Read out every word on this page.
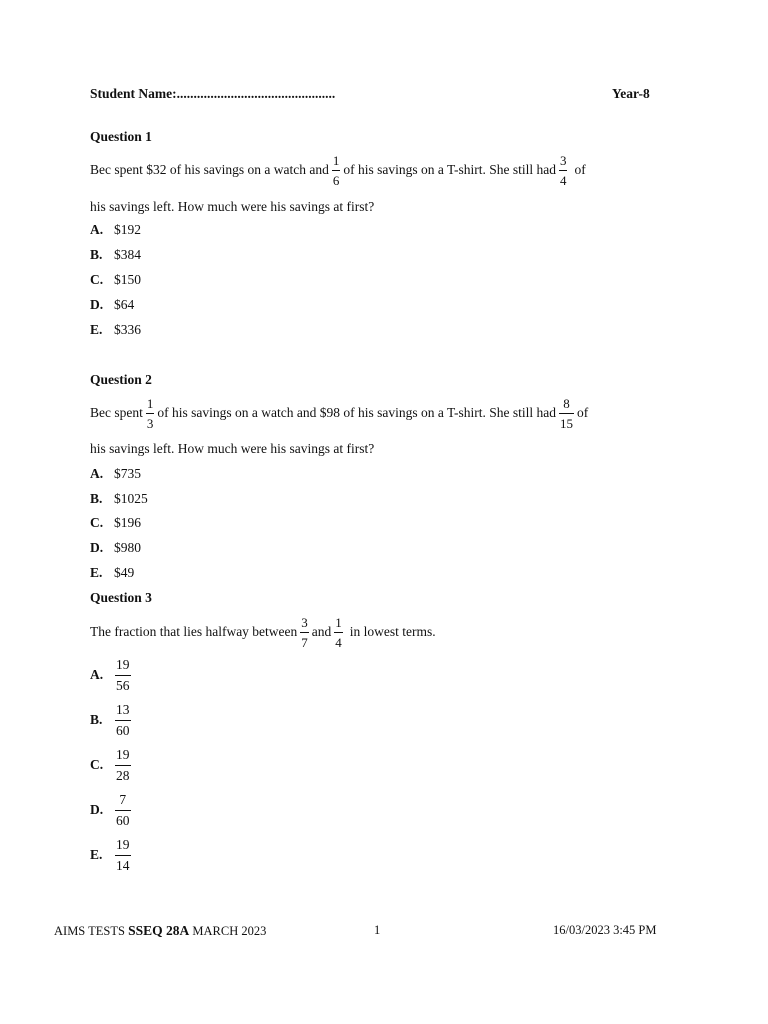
Student Name:...............................................	Year-8
Question 1
Bec spent $32 of his savings on a watch and $\frac{1}{6}$ of his savings on a T-shirt. She still had $\frac{3}{4}$ of
his savings left. How much were his savings at first?
A. $192
B. $384
C. $150
D. $64
E. $336
Question 2
Bec spent $\frac{1}{3}$ of his savings on a watch and $98 of his savings on a T-shirt. She still had $\frac{8}{15}$ of
his savings left. How much were his savings at first?
A. $735
B. $1025
C. $196
D. $980
E. $49
Question 3
The fraction that lies halfway between $\frac{3}{7}$ and $\frac{1}{4}$ in lowest terms.
A. $\frac{19}{56}$
B. $\frac{13}{60}$
C. $\frac{19}{28}$
D. $\frac{7}{60}$
E. $\frac{19}{14}$
AIMS TESTS SSEQ 28A MARCH 2023	1	16/03/2023 3:45 PM
